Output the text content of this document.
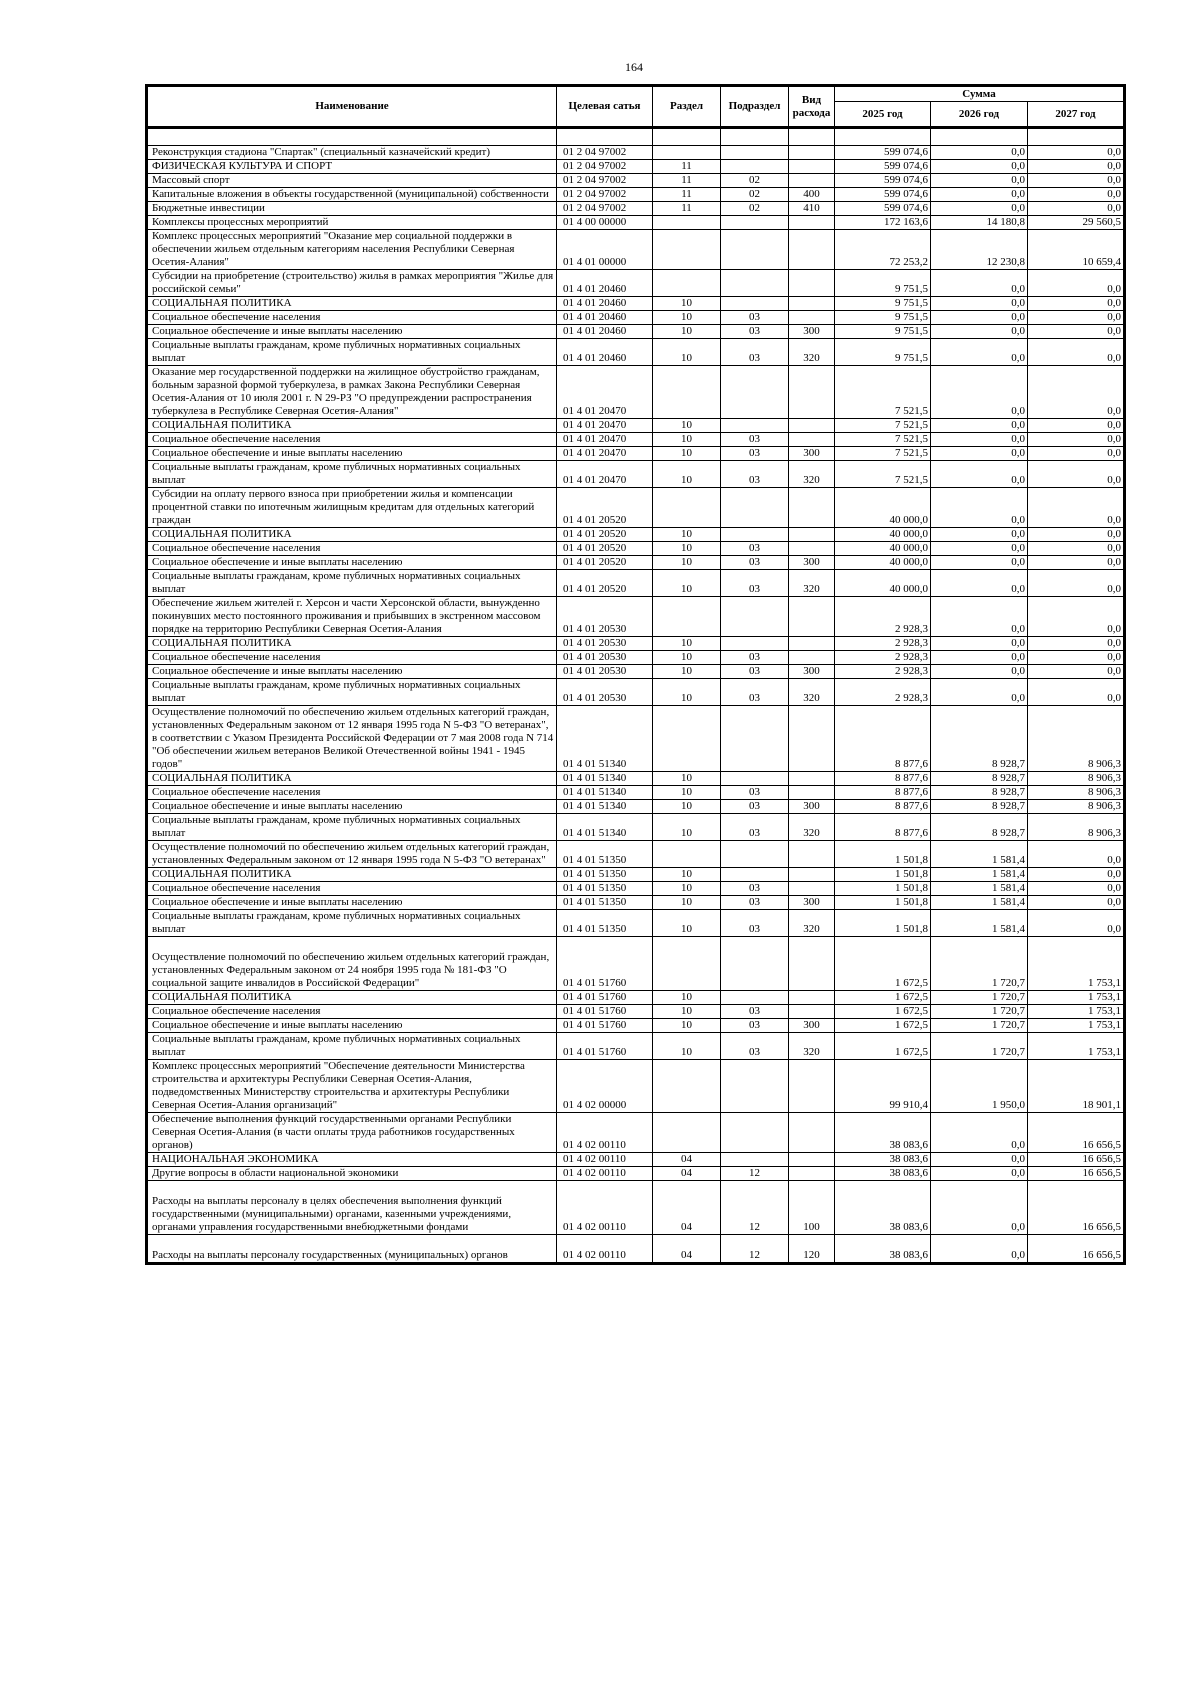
164
Наименование	Целевая сатья	Раздел	Подраздел	Вид расхода	Сумма		
					2025 год	2026 год	2027 год

Реконструкция стадиона "Спартак" (специальный казначейский кредит)	01 2 04 97002				599 074,6	0,0	0,0
ФИЗИЧЕСКАЯ КУЛЬТУРА И СПОРТ	01 2 04 97002	11			599 074,6	0,0	0,0
Массовый спорт	01 2 04 97002	11	02		599 074,6	0,0	0,0
Капитальные вложения в объекты государственной (муниципальной) собственности	01 2 04 97002	11	02	400	599 074,6	0,0	0,0
Бюджетные инвестиции	01 2 04 97002	11	02	410	599 074,6	0,0	0,0
Комплексы процессных мероприятий	01 4 00 00000				172 163,6	14 180,8	29 560,5
Комплекс процессных мероприятий "Оказание мер социальной поддержки в обеспечении жильем отдельным категориям населения Республики Северная Осетия-Алания"	01 4 01 00000				72 253,2	12 230,8	10 659,4
Субсидии на приобретение (строительство) жилья в рамках мероприятия "Жилье для российской семьи"	01 4 01 20460				9 751,5	0,0	0,0
СОЦИАЛЬНАЯ ПОЛИТИКА	01 4 01 20460	10			9 751,5	0,0	0,0
Социальное обеспечение населения	01 4 01 20460	10	03		9 751,5	0,0	0,0
Социальное обеспечение и иные выплаты населению	01 4 01 20460	10	03	300	9 751,5	0,0	0,0
Социальные выплаты гражданам, кроме публичных нормативных социальных выплат	01 4 01 20460	10	03	320	9 751,5	0,0	0,0
Оказание мер государственной поддержки на жилищное обустройство гражданам, больным заразной формой туберкулеза, в рамках Закона Республики Северная Осетия-Алания от 10 июля 2001 г. N 29-РЗ "О предупреждении распространения туберкулеза в Республике Северная Осетия-Алания"	01 4 01 20470				7 521,5	0,0	0,0
СОЦИАЛЬНАЯ ПОЛИТИКА	01 4 01 20470	10			7 521,5	0,0	0,0
Социальное обеспечение населения	01 4 01 20470	10	03		7 521,5	0,0	0,0
Социальное обеспечение и иные выплаты населению	01 4 01 20470	10	03	300	7 521,5	0,0	0,0
Социальные выплаты гражданам, кроме публичных нормативных социальных выплат	01 4 01 20470	10	03	320	7 521,5	0,0	0,0
Субсидии на оплату первого взноса при приобретении жилья и компенсации процентной ставки по ипотечным жилищным кредитам для отдельных категорий граждан	01 4 01 20520				40 000,0	0,0	0,0
СОЦИАЛЬНАЯ ПОЛИТИКА	01 4 01 20520	10			40 000,0	0,0	0,0
Социальное обеспечение населения	01 4 01 20520	10	03		40 000,0	0,0	0,0
Социальное обеспечение и иные выплаты населению	01 4 01 20520	10	03	300	40 000,0	0,0	0,0
Социальные выплаты гражданам, кроме публичных нормативных социальных выплат	01 4 01 20520	10	03	320	40 000,0	0,0	0,0
Обеспечение жильем жителей г. Херсон и части Херсонской области, вынужденно покинувших место постоянного проживания и прибывших в экстренном массовом порядке на территорию Республики Северная Осетия-Алания	01 4 01 20530				2 928,3	0,0	0,0
СОЦИАЛЬНАЯ ПОЛИТИКА	01 4 01 20530	10			2 928,3	0,0	0,0
Социальное обеспечение населения	01 4 01 20530	10	03		2 928,3	0,0	0,0
Социальное обеспечение и иные выплаты населению	01 4 01 20530	10	03	300	2 928,3	0,0	0,0
Социальные выплаты гражданам, кроме публичных нормативных социальных выплат	01 4 01 20530	10	03	320	2 928,3	0,0	0,0
Осуществление полномочий по обеспечению жильем отдельных категорий граждан, установленных Федеральным законом от 12 января 1995 года N 5-ФЗ "О ветеранах", в соответствии с Указом Президента Российской Федерации от 7 мая 2008 года N 714 "Об обеспечении жильем ветеранов Великой Отечественной войны 1941 - 1945 годов"	01 4 01 51340				8 877,6	8 928,7	8 906,3
СОЦИАЛЬНАЯ ПОЛИТИКА	01 4 01 51340	10			8 877,6	8 928,7	8 906,3
Социальное обеспечение населения	01 4 01 51340	10	03		8 877,6	8 928,7	8 906,3
Социальное обеспечение и иные выплаты населению	01 4 01 51340	10	03	300	8 877,6	8 928,7	8 906,3
Социальные выплаты гражданам, кроме публичных нормативных социальных выплат	01 4 01 51340	10	03	320	8 877,6	8 928,7	8 906,3
Осуществление полномочий по обеспечению жильем отдельных категорий граждан, установленных Федеральным законом от 12 января 1995 года N 5-ФЗ "О ветеранах"	01 4 01 51350				1 501,8	1 581,4	0,0
СОЦИАЛЬНАЯ ПОЛИТИКА	01 4 01 51350	10			1 501,8	1 581,4	0,0
Социальное обеспечение населения	01 4 01 51350	10	03		1 501,8	1 581,4	0,0
Социальное обеспечение и иные выплаты населению	01 4 01 51350	10	03	300	1 501,8	1 581,4	0,0
Социальные выплаты гражданам, кроме публичных нормативных социальных выплат	01 4 01 51350	10	03	320	1 501,8	1 581,4	0,0
Осуществление полномочий по обеспечению жильем отдельных категорий граждан, установленных Федеральным законом от 24 ноября 1995 года № 181-ФЗ "О социальной защите инвалидов в Российской Федерации"	01 4 01 51760				1 672,5	1 720,7	1 753,1
СОЦИАЛЬНАЯ ПОЛИТИКА	01 4 01 51760	10			1 672,5	1 720,7	1 753,1
Социальное обеспечение населения	01 4 01 51760	10	03		1 672,5	1 720,7	1 753,1
Социальное обеспечение и иные выплаты населению	01 4 01 51760	10	03	300	1 672,5	1 720,7	1 753,1
Социальные выплаты гражданам, кроме публичных нормативных социальных выплат	01 4 01 51760	10	03	320	1 672,5	1 720,7	1 753,1
Комплекс процессных мероприятий "Обеспечение деятельности Министерства строительства и архитектуры Республики Северная Осетия-Алания, подведомственных Министерству строительства и архитектуры Республики Северная Осетия-Алания организаций"	01 4 02 00000				99 910,4	1 950,0	18 901,1
Обеспечение выполнения функций государственными органами Республики Северная Осетия-Алания (в части оплаты труда работников государственных органов)	01 4 02 00110				38 083,6	0,0	16 656,5
НАЦИОНАЛЬНАЯ ЭКОНОМИКА	01 4 02 00110	04			38 083,6	0,0	16 656,5
Другие вопросы в области национальной экономики	01 4 02 00110	04	12		38 083,6	0,0	16 656,5
Расходы на выплаты персоналу в целях обеспечения выполнения функций государственными (муниципальными) органами, казенными учреждениями, органами управления государственными внебюджетными фондами	01 4 02 00110	04	12	100	38 083,6	0,0	16 656,5
Расходы на выплаты персоналу государственных (муниципальных) органов	01 4 02 00110	04	12	120	38 083,6	0,0	16 656,5
